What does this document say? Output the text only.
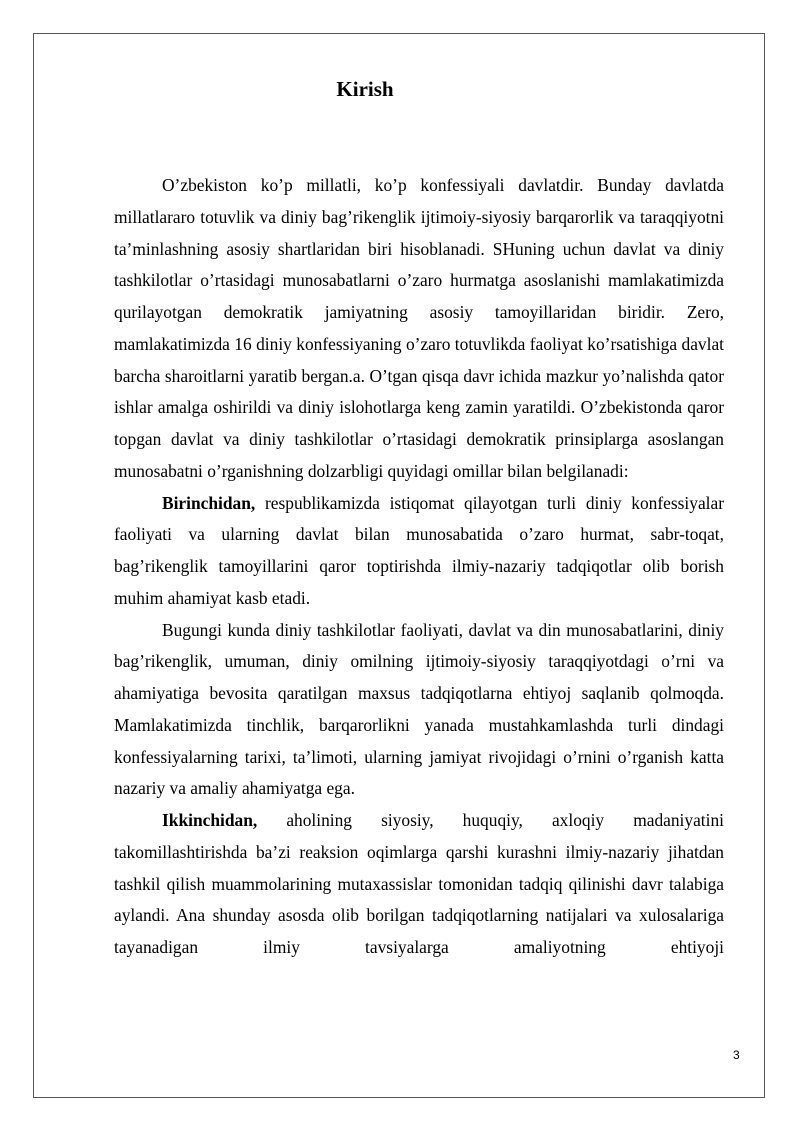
Kirish

O’zbekiston ko’p millatli, ko’p konfessiyali davlatdir. Bunday davlatda millatlararo totuvlik va diniy bag’rikenglik ijtimoiy-siyosiy barqarorlik va taraqqiyotni ta’minlashning asosiy shartlaridan biri hisoblanadi. SHuning uchun davlat va diniy tashkilotlar o’rtasidagi munosabatlarni o’zaro hurmatga asoslanishi mamlakatimizda qurilayotgan demokratik jamiyatning asosiy tamoyillaridan biridir. Zero, mamlakatimizda 16 diniy konfessiyaning o’zaro totuvlikda faoliyat ko’rsatishiga davlat barcha sharoitlarni yaratib bergan.a. O’tgan qisqa davr ichida mazkur yo’nalishda qator ishlar amalga oshirildi va diniy islohotlarga keng zamin yaratildi. O’zbekistonda qaror topgan davlat va diniy tashkilotlar o’rtasidagi demokratik prinsiplarga asoslangan munosabatni o’rganishning dolzarbligi quyidagi omillar bilan belgilanadi:

Birinchidan, respublikamizda istiqomat qilayotgan turli diniy konfessiyalar faoliyati va ularning davlat bilan munosabatida o’zaro hurmat, sabr-toqat, bag’rikenglik tamoyillarini qaror toptirishda ilmiy-nazariy tadqiqotlar olib borish muhim ahamiyat kasb etadi.

Bugungi kunda diniy tashkilotlar faoliyati, davlat va din munosabatlarini, diniy bag’rikenglik, umuman, diniy omilning ijtimoiy-siyosiy taraqqiyotdagi o’rni va ahamiyatiga bevosita qaratilgan maxsus tadqiqotlarna ehtiyoj saqlanib qolmoqda. Mamlakatimizda tinchlik, barqarorlikni yanada mustahkamlashda turli dindagi konfessiyalarning tarixi, ta’limoti, ularning jamiyat rivojidagi o’rnini o’rganish katta nazariy va amaliy ahamiyatga ega.

Ikkinchidan, aholining siyosiy, huquqiy, axloqiy madaniyatini takomillashtirishda ba’zi reaksion oqimlarga qarshi kurashni ilmiy-nazariy jihatdan tashkil qilish muammolarining mutaxassislar tomonidan tadqiq qilinishi davr talabiga aylandi. Ana shunday asosda olib borilgan tadqiqotlarning natijalari va xulosalariga tayanadigan ilmiy tavsiyalarga amaliyotning ehtiyoji

3
